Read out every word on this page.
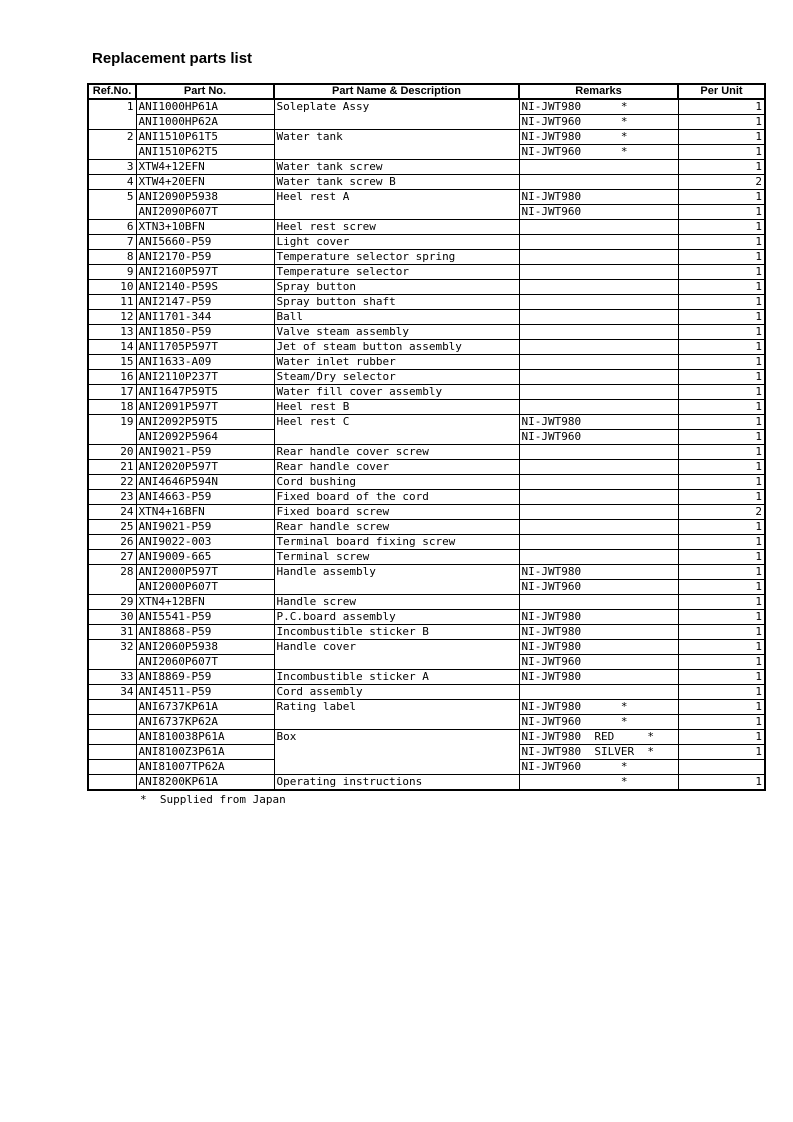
Replacement parts list
Ref.No.	Part No.	Part Name & Description	Remarks	Per Unit
1	ANI1000HP61A	Soleplate Assy	NI-JWT980      *	1
	ANI1000HP62A		NI-JWT960      *	1
2	ANI1510P61T5	Water tank	NI-JWT980      *	1
	ANI1510P62T5		NI-JWT960      *	1
3	XTW4+12EFN	Water tank screw		1
4	XTW4+20EFN	Water tank screw B		2
5	ANI2090P5938	Heel rest A	NI-JWT980	1
	ANI2090P607T		NI-JWT960	1
6	XTN3+10BFN	Heel rest screw		1
7	ANI5660-P59	Light cover		1
8	ANI2170-P59	Temperature selector spring		1
9	ANI2160P597T	Temperature selector		1
10	ANI2140-P59S	Spray button		1
11	ANI2147-P59	Spray button shaft		1
12	ANI1701-344	Ball		1
13	ANI1850-P59	Valve steam assembly		1
14	ANI1705P597T	Jet of steam button assembly		1
15	ANI1633-A09	Water inlet rubber		1
16	ANI2110P237T	Steam/Dry selector		1
17	ANI1647P59T5	Water fill cover assembly		1
18	ANI2091P597T	Heel rest B		1
19	ANI2092P59T5	Heel rest C	NI-JWT980	1
	ANI2092P5964		NI-JWT960	1
20	ANI9021-P59	Rear handle cover screw		1
21	ANI2020P597T	Rear handle cover		1
22	ANI4646P594N	Cord bushing		1
23	ANI4663-P59	Fixed board of the cord		1
24	XTN4+16BFN	Fixed board screw		2
25	ANI9021-P59	Rear handle screw		1
26	ANI9022-003	Terminal board fixing screw		1
27	ANI9009-665	Terminal screw		1
28	ANI2000P597T	Handle assembly	NI-JWT980	1
	ANI2000P607T		NI-JWT960	1
29	XTN4+12BFN	Handle screw		1
30	ANI5541-P59	P.C.board assembly	NI-JWT980	1
31	ANI8868-P59	Incombustible sticker B	NI-JWT980	1
32	ANI2060P5938	Handle cover	NI-JWT980	1
	ANI2060P607T		NI-JWT960	1
33	ANI8869-P59	Incombustible sticker A	NI-JWT980	1
34	ANI4511-P59	Cord assembly		1
	ANI6737KP61A	Rating label	NI-JWT980      *	1
	ANI6737KP62A		NI-JWT960      *	1
	ANI810038P61A	Box	NI-JWT980  RED     *	1
	ANI8100Z3P61A		NI-JWT980  SILVER  *	1
	ANI81007TP62A		NI-JWT960      *	
	ANI8200KP61A	Operating instructions	*	1
*  Supplied from Japan
